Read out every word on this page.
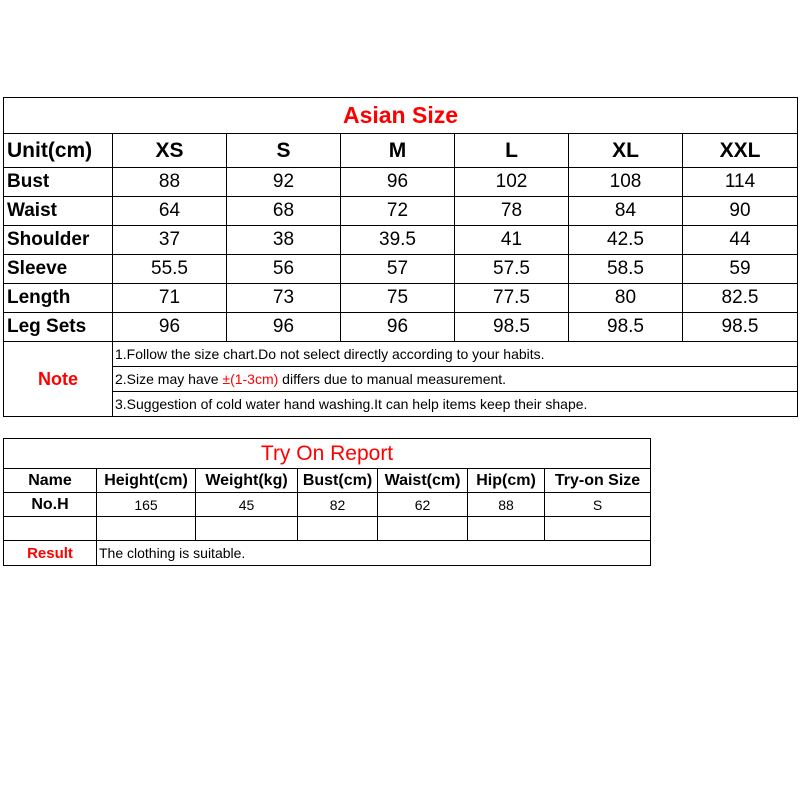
Asian Size						
Unit(cm)	XS	S	M	L	XL	XXL
Bust	88	92	96	102	108	114
Waist	64	68	72	78	84	90
Shoulder	37	38	39.5	41	42.5	44
Sleeve	55.5	56	57	57.5	58.5	59
Length	71	73	75	77.5	80	82.5
Leg Sets	96	96	96	98.5	98.5	98.5
Note	1.Follow the size chart.Do not select directly according to your habits.					
	2.Size may have ±(1-3cm) differs due to manual measurement.					
	3.Suggestion of cold water hand washing.It can help items keep their shape.					
Try On Report						
Name	Height(cm)	Weight(kg)	Bust(cm)	Waist(cm)	Hip(cm)	Try-on Size
No.H	165	45	82	62	88	S

Result	The clothing is suitable.					
